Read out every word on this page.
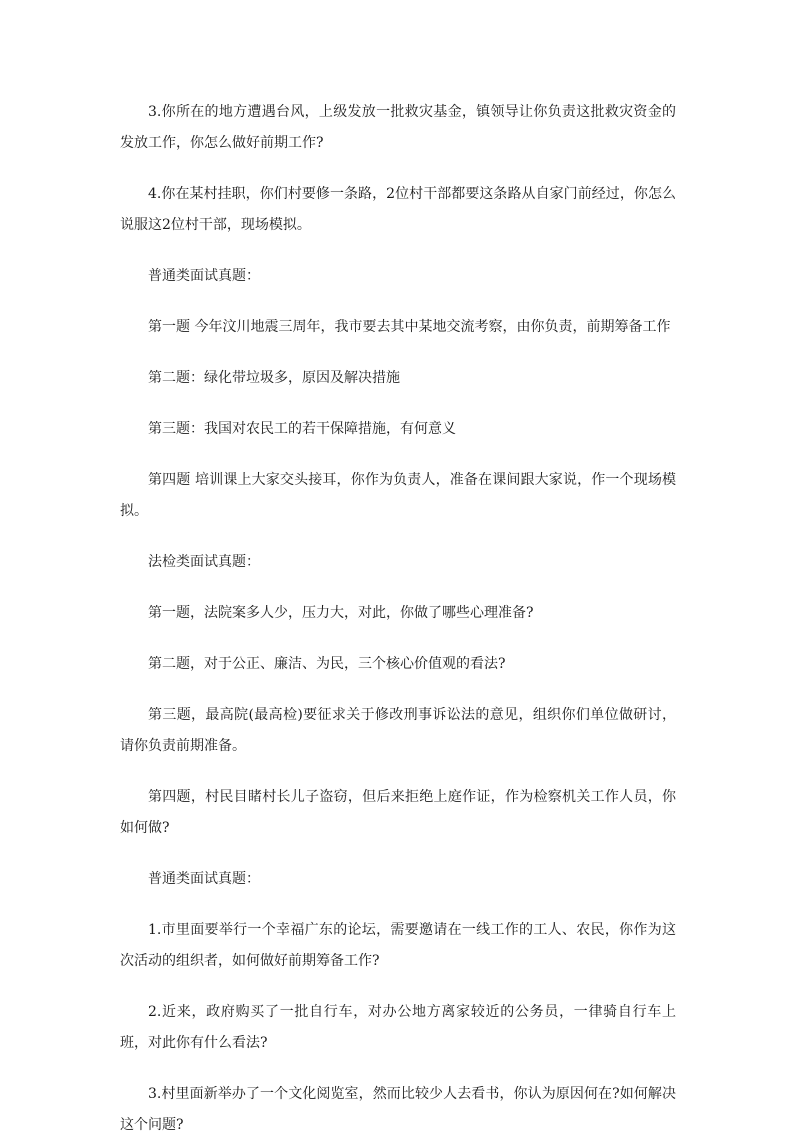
3.你所在的地方遭遇台风，上级发放一批救灾基金，镇领导让你负责这批救灾资金的发放工作，你怎么做好前期工作?

4.你在某村挂职，你们村要修一条路，2位村干部都要这条路从自家门前经过，你怎么说服这2位村干部，现场模拟。

普通类面试真题：

第一题 今年汶川地震三周年，我市要去其中某地交流考察，由你负责，前期筹备工作

第二题：绿化带垃圾多，原因及解决措施

第三题：我国对农民工的若干保障措施，有何意义

第四题 培训课上大家交头接耳，你作为负责人，准备在课间跟大家说，作一个现场模拟。

法检类面试真题：

第一题，法院案多人少，压力大，对此，你做了哪些心理准备?

第二题，对于公正、廉洁、为民，三个核心价值观的看法?

第三题，最高院(最高检)要征求关于修改刑事诉讼法的意见，组织你们单位做研讨，请你负责前期准备。

第四题，村民目睹村长儿子盗窃，但后来拒绝上庭作证，作为检察机关工作人员，你如何做?

普通类面试真题：

1.市里面要举行一个幸福广东的论坛，需要邀请在一线工作的工人、农民，你作为这次活动的组织者，如何做好前期筹备工作?

2.近来，政府购买了一批自行车，对办公地方离家较近的公务员，一律骑自行车上班，对此你有什么看法?

3.村里面新举办了一个文化阅览室，然而比较少人去看书，你认为原因何在?如何解决这个问题?
